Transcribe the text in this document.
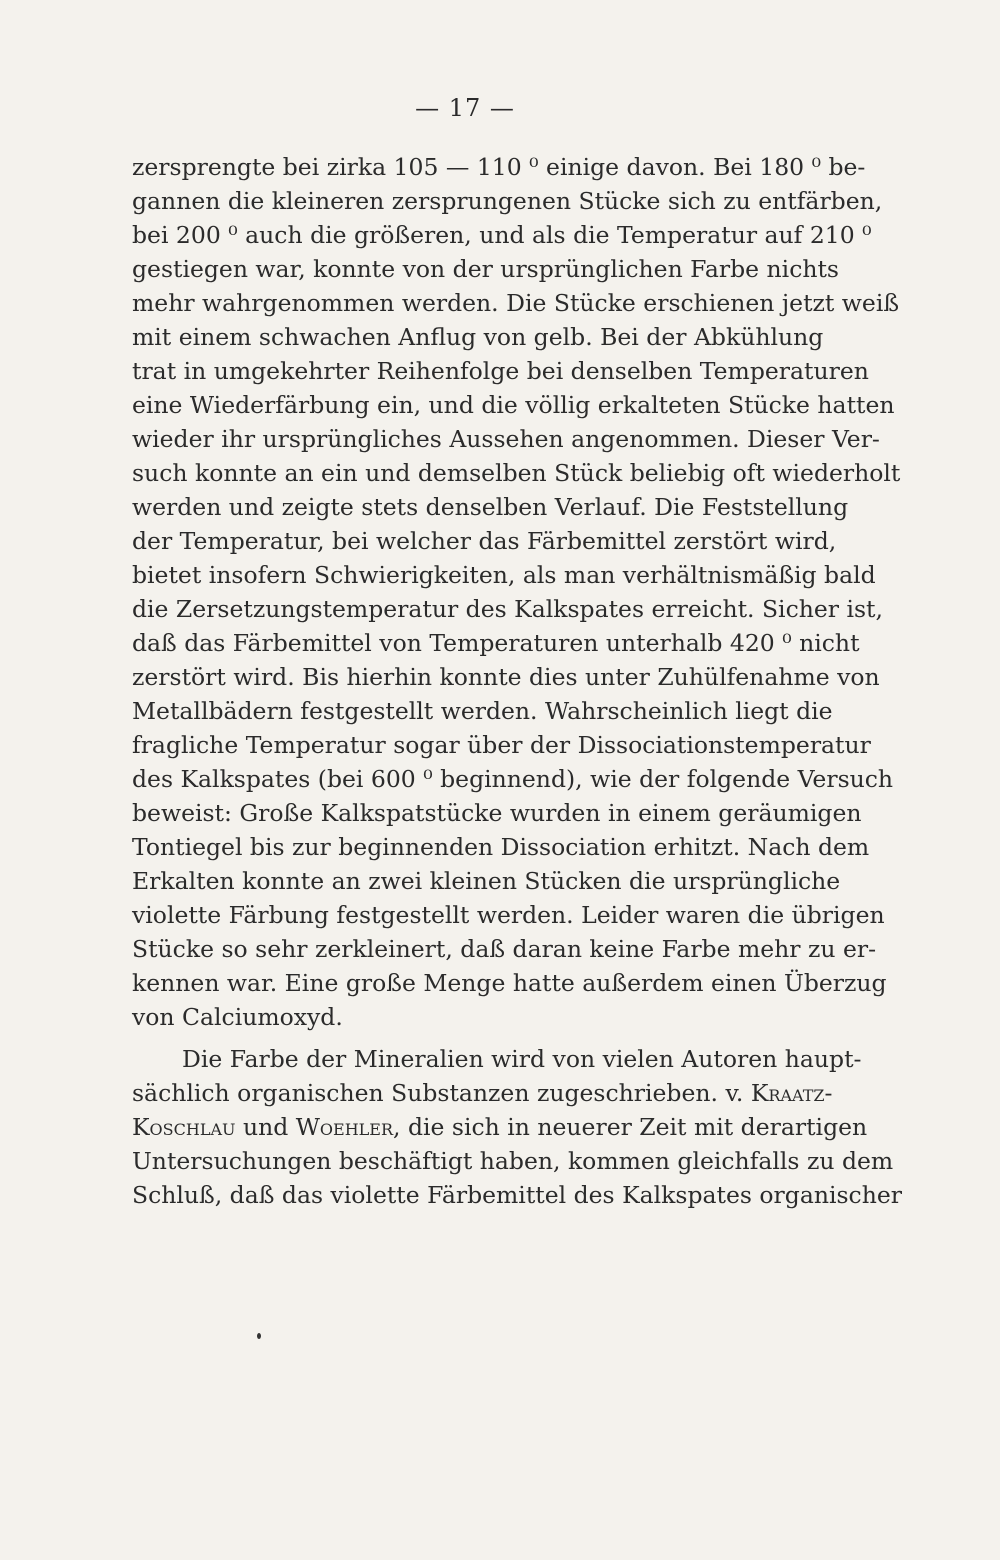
— 17 —
zersprengte bei zirka 105 — 110 ⁰ einige davon. Bei 180 ⁰ be-
gannen die kleineren zersprungenen Stücke sich zu entfärben,
bei 200 ⁰ auch die größeren, und als die Temperatur auf 210 ⁰
gestiegen war, konnte von der ursprünglichen Farbe nichts
mehr wahrgenommen werden. Die Stücke erschienen jetzt weiß
mit einem schwachen Anflug von gelb. Bei der Abkühlung
trat in umgekehrter Reihenfolge bei denselben Temperaturen
eine Wiederfärbung ein, und die völlig erkalteten Stücke hatten
wieder ihr ursprüngliches Aussehen angenommen. Dieser Ver-
such konnte an ein und demselben Stück beliebig oft wiederholt
werden und zeigte stets denselben Verlauf. Die Feststellung
der Temperatur, bei welcher das Färbemittel zerstört wird,
bietet insofern Schwierigkeiten, als man verhältnismäßig bald
die Zersetzungstemperatur des Kalkspates erreicht. Sicher ist,
daß das Färbemittel von Temperaturen unterhalb 420 ⁰ nicht
zerstört wird. Bis hierhin konnte dies unter Zuhülfenahme von
Metallbädern festgestellt werden. Wahrscheinlich liegt die
fragliche Temperatur sogar über der Dissociationstemperatur
des Kalkspates (bei 600 ⁰ beginnend), wie der folgende Versuch
beweist: Große Kalkspatstücke wurden in einem geräumigen
Tontiegel bis zur beginnenden Dissociation erhitzt. Nach dem
Erkalten konnte an zwei kleinen Stücken die ursprüngliche
violette Färbung festgestellt werden. Leider waren die übrigen
Stücke so sehr zerkleinert, daß daran keine Farbe mehr zu er-
kennen war. Eine große Menge hatte außerdem einen Überzug
von Calciumoxyd.
Die Farbe der Mineralien wird von vielen Autoren haupt-
sächlich organischen Substanzen zugeschrieben. v. Kraatz-
Koschlau und Woehler, die sich in neuerer Zeit mit derartigen
Untersuchungen beschäftigt haben, kommen gleichfalls zu dem
Schluß, daß das violette Färbemittel des Kalkspates organischer
